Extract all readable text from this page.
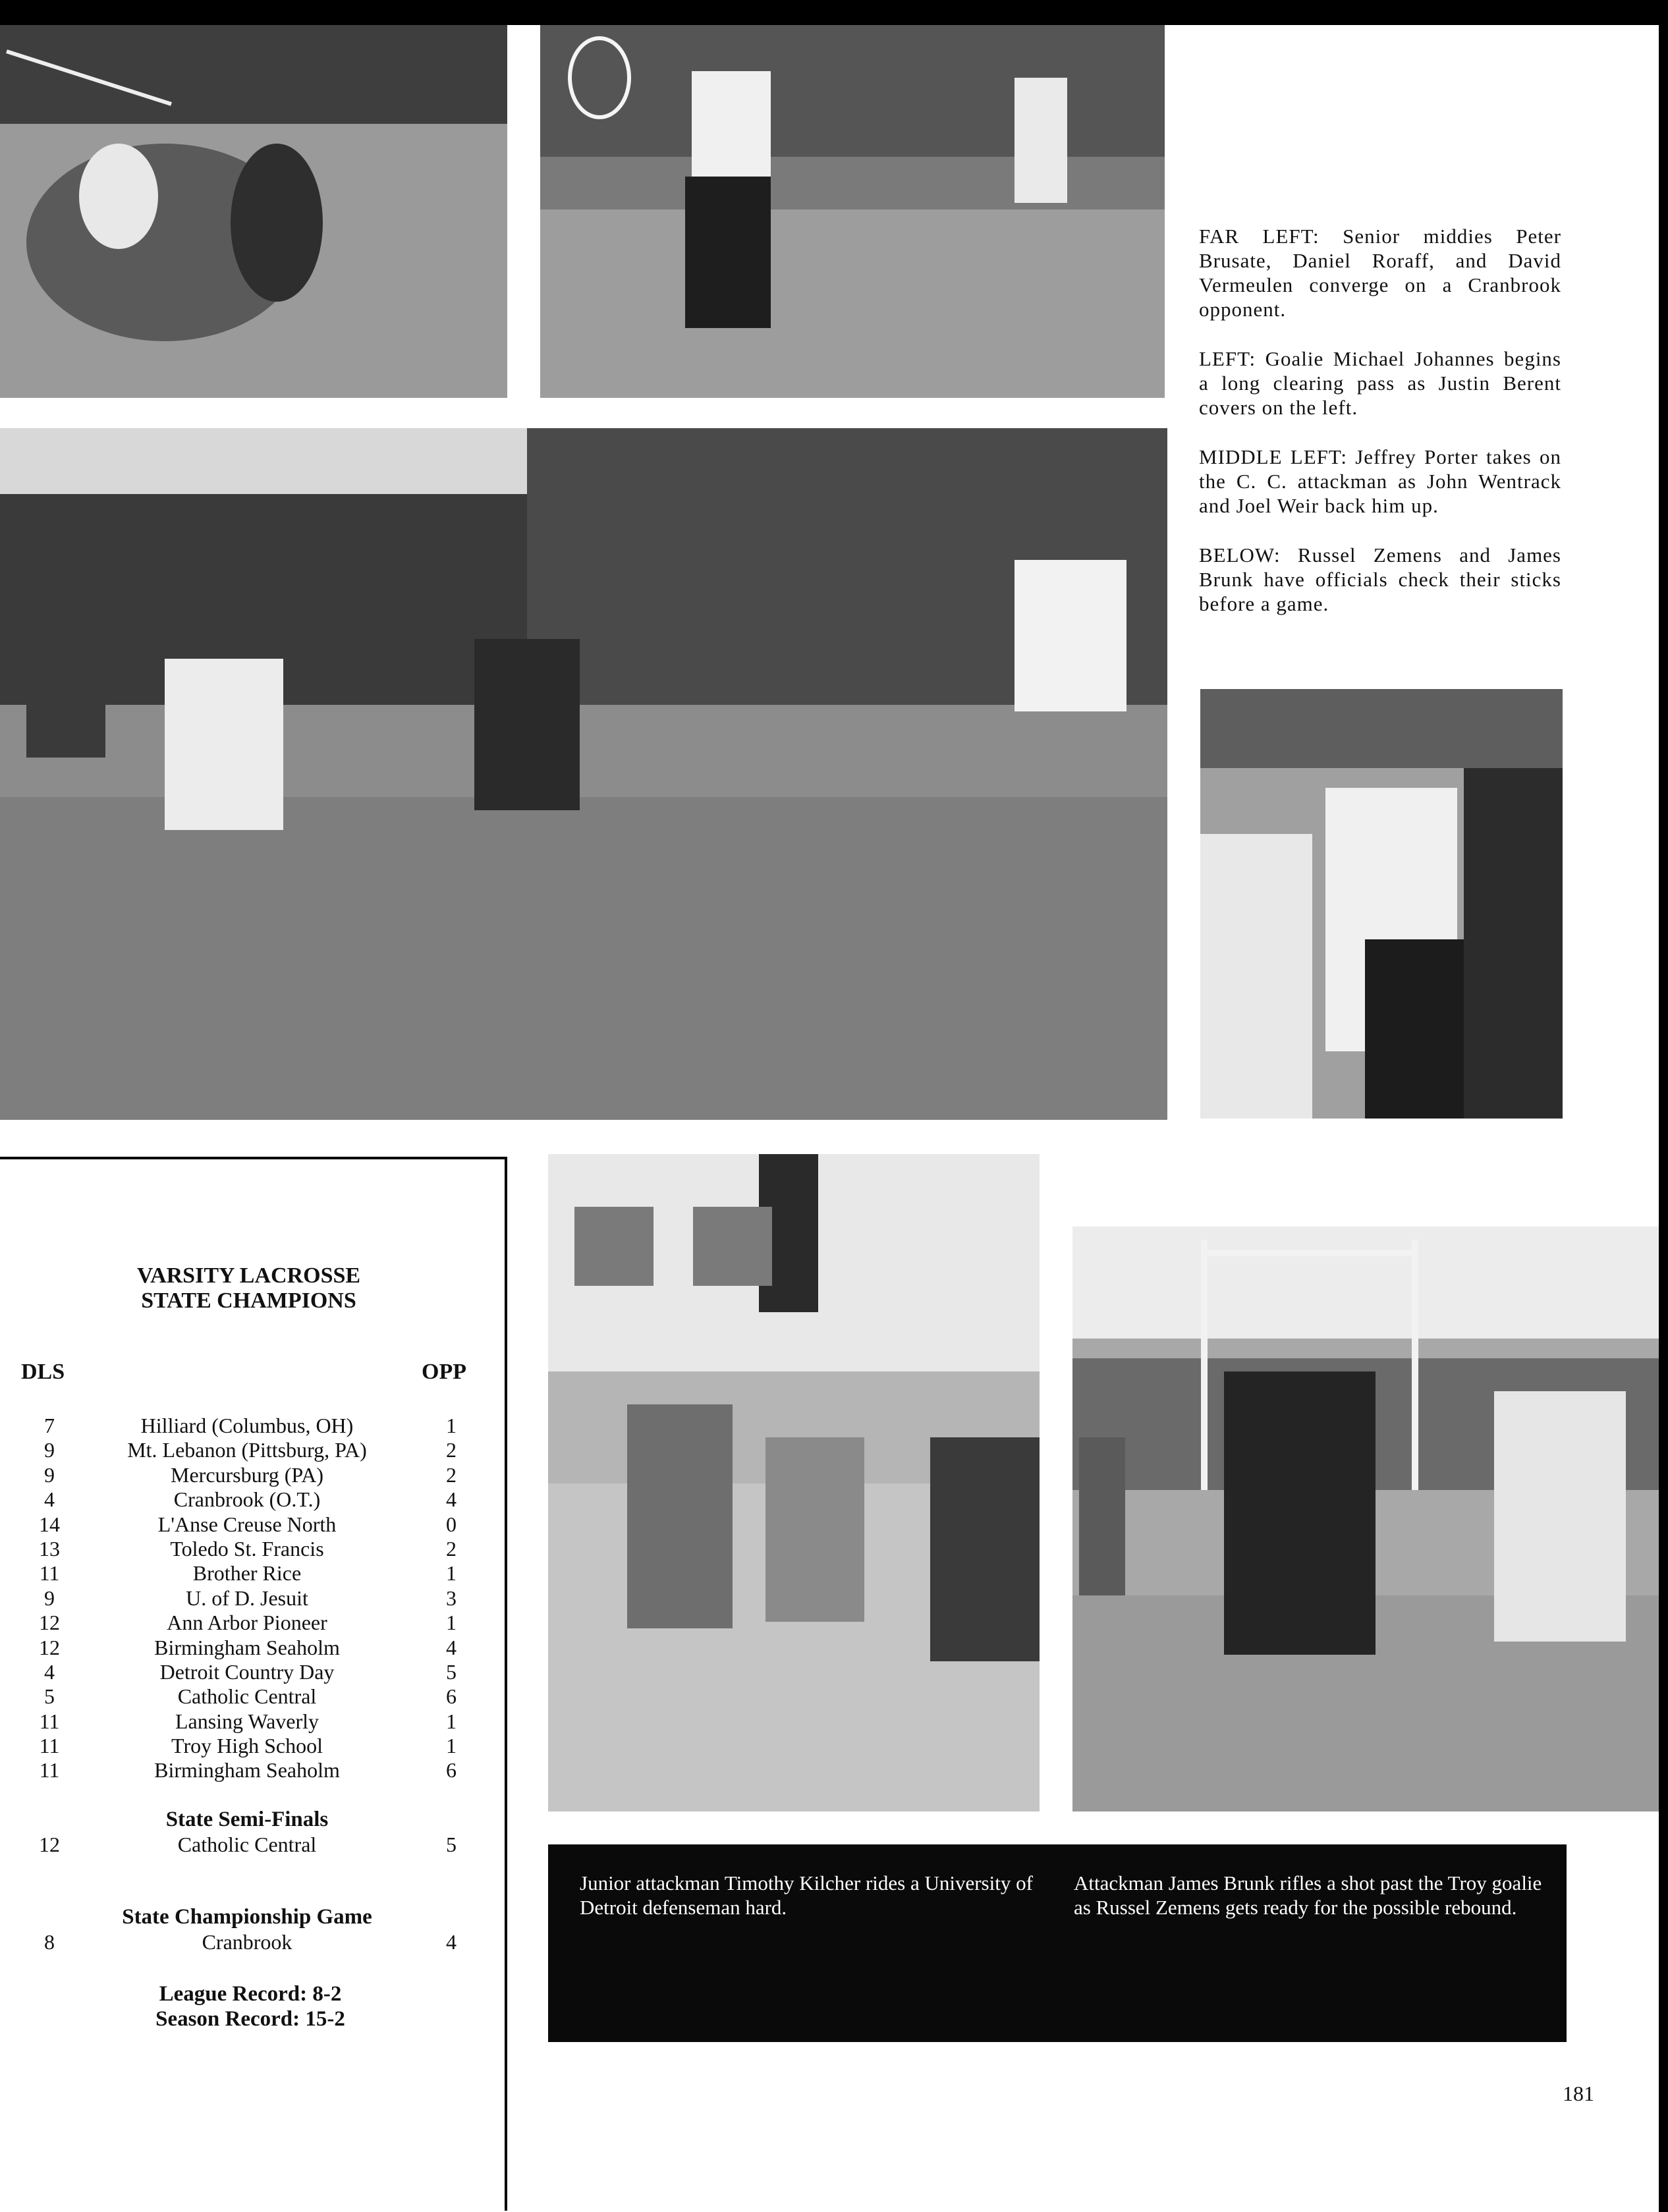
FAR LEFT: Senior middies Peter Brusate, Daniel Roraff, and David Vermeulen converge on a Cranbrook opponent.

LEFT: Goalie Michael Johannes begins a long clearing pass as Justin Berent covers on the left.

MIDDLE LEFT: Jeffrey Porter takes on the C. C. attackman as John Wentrack and Joel Weir back him up.

BELOW: Russel Zemens and James Brunk have officials check their sticks before a game.

VARSITY LACROSSE
STATE CHAMPIONS
DLS	OPP
7	Hilliard (Columbus, OH)	1
9	Mt. Lebanon (Pittsburg, PA)	2
9	Mercursburg (PA)	2
4	Cranbrook (O.T.)	4
14	L'Anse Creuse North	0
13	Toledo St. Francis	2
11	Brother Rice	1
9	U. of D. Jesuit	3
12	Ann Arbor Pioneer	1
12	Birmingham Seaholm	4
4	Detroit Country Day	5
5	Catholic Central	6
11	Lansing Waverly	1
11	Troy High School	1
11	Birmingham Seaholm	6
State Semi-Finals
12	Catholic Central	5
State Championship Game
8	Cranbrook	4
League Record: 8-2
Season Record: 15-2
Junior attackman Timothy Kilcher rides a University of Detroit defenseman hard.
Attackman James Brunk rifles a shot past the Troy goalie as Russel Zemens gets ready for the possible rebound.
181
